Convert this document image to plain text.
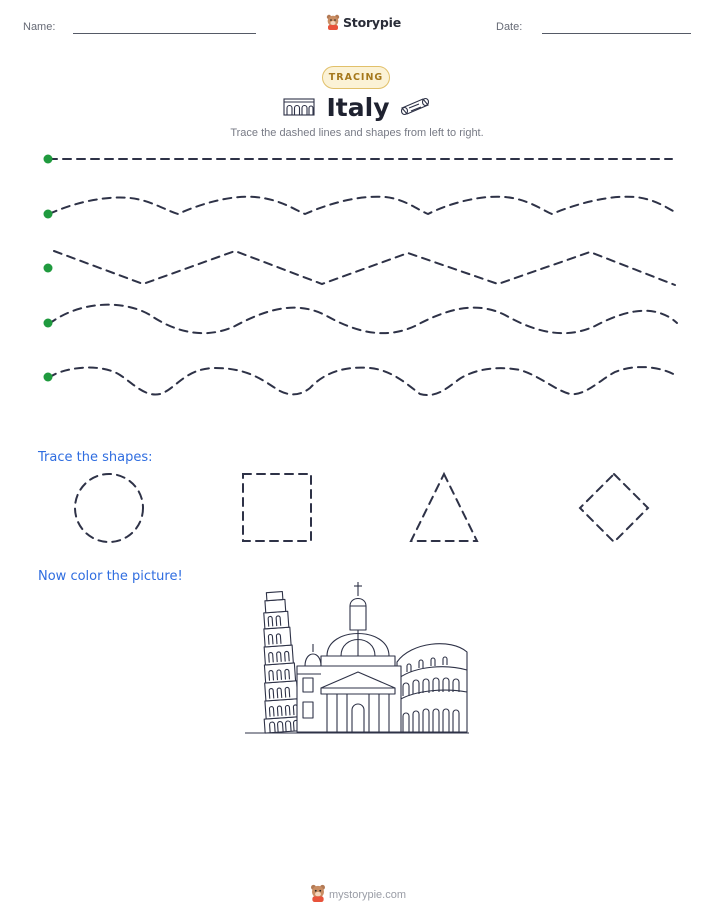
Name:	Storypie	Date:
TRACING
Italy
Trace the dashed lines and shapes from left to right.
Trace the shapes:
Now color the picture!
mystorypie.com
